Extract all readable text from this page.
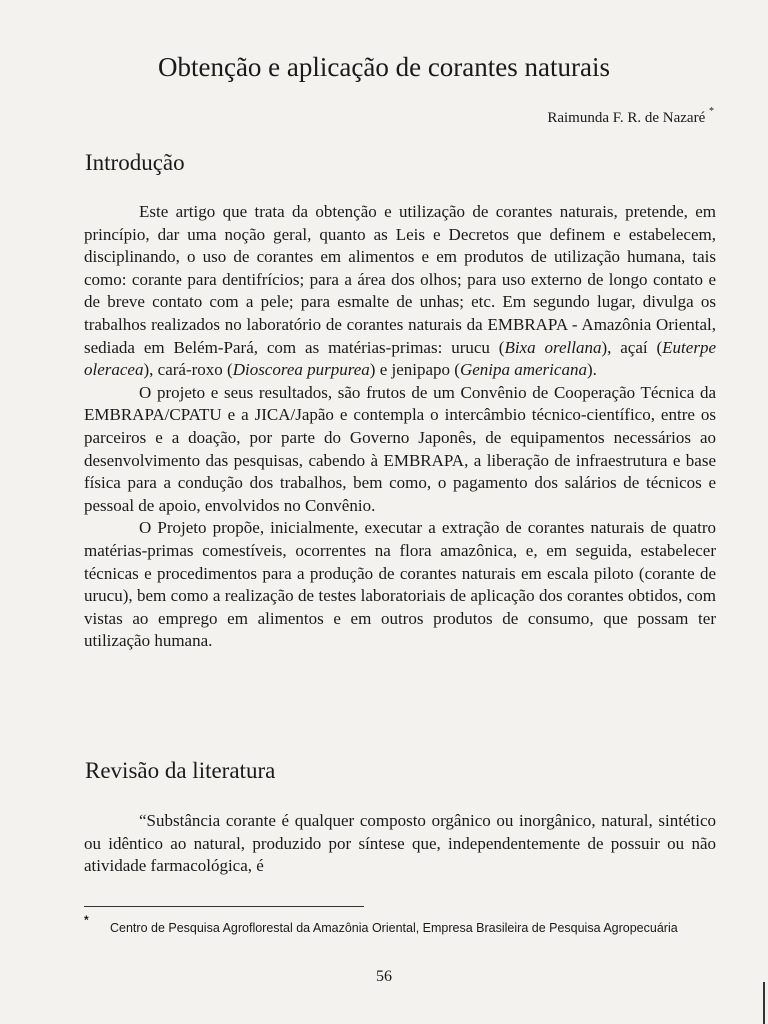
Obtenção e aplicação de corantes naturais
Raimunda F. R. de Nazaré *
Introdução

Este artigo que trata da obtenção e utilização de corantes naturais, pretende, em princípio, dar uma noção geral, quanto as Leis e Decretos que definem e estabelecem, disciplinando, o uso de corantes em alimentos e em produtos de utilização humana, tais como: corante para dentifrícios; para a área dos olhos; para uso externo de longo contato e de breve contato com a pele; para esmalte de unhas; etc. Em segundo lugar, divulga os trabalhos realizados no laboratório de corantes naturais da EMBRAPA - Amazônia Oriental, sediada em Belém-Pará, com as matérias-primas: urucu (Bixa orellana), açaí (Euterpe oleracea), cará-roxo (Dioscorea purpurea) e jenipapo (Genipa americana).

O projeto e seus resultados, são frutos de um Convênio de Cooperação Técnica da EMBRAPA/CPATU e a JICA/Japão e contempla o intercâmbio técnico-científico, entre os parceiros e a doação, por parte do Governo Japonês, de equipamentos necessários ao desenvolvimento das pesquisas, cabendo à EMBRAPA, a liberação de infraestrutura e base física para a condução dos trabalhos, bem como, o pagamento dos salários de técnicos e pessoal de apoio, envolvidos no Convênio.

O Projeto propõe, inicialmente, executar a extração de corantes naturais de quatro matérias-primas comestíveis, ocorrentes na flora amazônica, e, em seguida, estabelecer técnicas e procedimentos para a produção de corantes naturais em escala piloto (corante de urucu), bem como a realização de testes laboratoriais de aplicação dos corantes obtidos, com vistas ao emprego em alimentos e em outros produtos de consumo, que possam ter utilização humana.

Revisão da literatura

“Substância corante é qualquer composto orgânico ou inorgânico, natural, sintético ou idêntico ao natural, produzido por síntese que, independentemente de possuir ou não atividade farmacológica, é

*
Centro de Pesquisa Agroflorestal da Amazônia Oriental, Empresa Brasileira de Pesquisa Agropecuária
56
